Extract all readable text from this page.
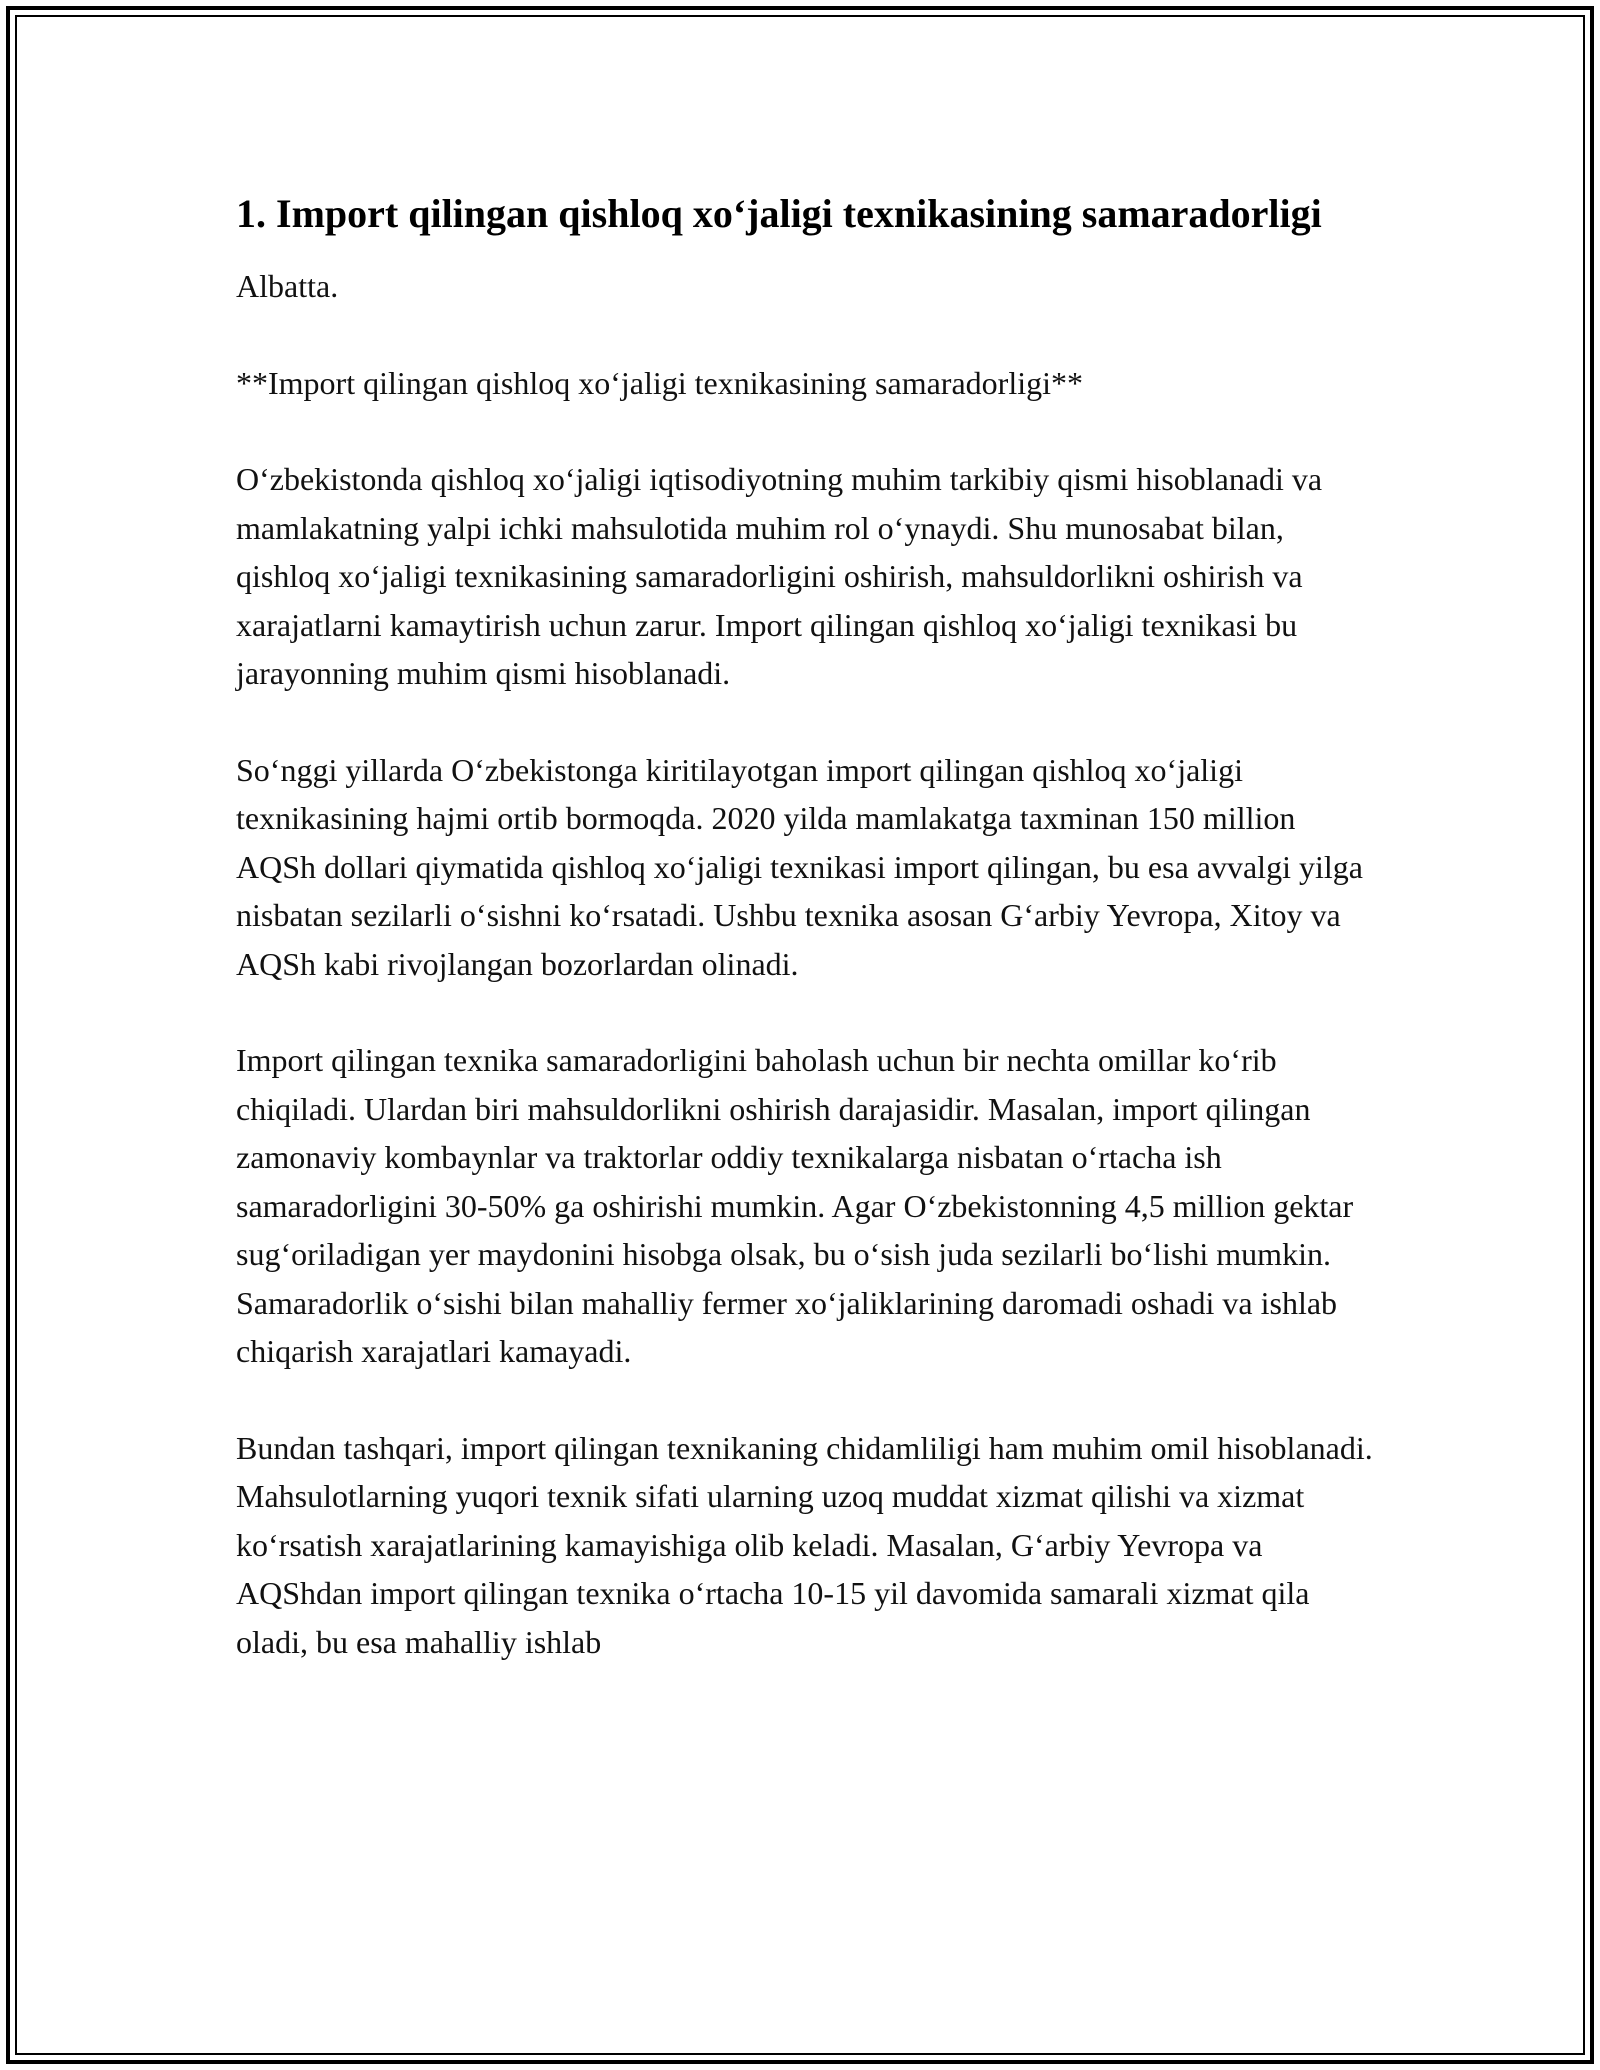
1. Import qilingan qishloq xo‘jaligi texnikasining samaradorligi

Albatta.

**Import qilingan qishloq xo‘jaligi texnikasining samaradorligi**

O‘zbekistonda qishloq xo‘jaligi iqtisodiyotning muhim tarkibiy qismi hisoblanadi va mamlakatning yalpi ichki mahsulotida muhim rol o‘ynaydi. Shu munosabat bilan, qishloq xo‘jaligi texnikasining samaradorligini oshirish, mahsuldorlikni oshirish va xarajatlarni kamaytirish uchun zarur. Import qilingan qishloq xo‘jaligi texnikasi bu jarayonning muhim qismi hisoblanadi.

So‘nggi yillarda O‘zbekistonga kiritilayotgan import qilingan qishloq xo‘jaligi texnikasining hajmi ortib bormoqda. 2020 yilda mamlakatga taxminan 150 million AQSh dollari qiymatida qishloq xo‘jaligi texnikasi import qilingan, bu esa avvalgi yilga nisbatan sezilarli o‘sishni ko‘rsatadi. Ushbu texnika asosan G‘arbiy Yevropa, Xitoy va AQSh kabi rivojlangan bozorlardan olinadi.

Import qilingan texnika samaradorligini baholash uchun bir nechta omillar ko‘rib chiqiladi. Ulardan biri mahsuldorlikni oshirish darajasidir. Masalan, import qilingan zamonaviy kombaynlar va traktorlar oddiy texnikalarga nisbatan o‘rtacha ish samaradorligini 30-50% ga oshirishi mumkin. Agar O‘zbekistonning 4,5 million gektar sug‘oriladigan yer maydonini hisobga olsak, bu o‘sish juda sezilarli bo‘lishi mumkin. Samaradorlik o‘sishi bilan mahalliy fermer xo‘jaliklarining daromadi oshadi va ishlab chiqarish xarajatlari kamayadi.

Bundan tashqari, import qilingan texnikaning chidamliligi ham muhim omil hisoblanadi. Mahsulotlarning yuqori texnik sifati ularning uzoq muddat xizmat qilishi va xizmat ko‘rsatish xarajatlarining kamayishiga olib keladi. Masalan, G‘arbiy Yevropa va AQShdan import qilingan texnika o‘rtacha 10-15 yil davomida samarali xizmat qila oladi, bu esa mahalliy ishlab
